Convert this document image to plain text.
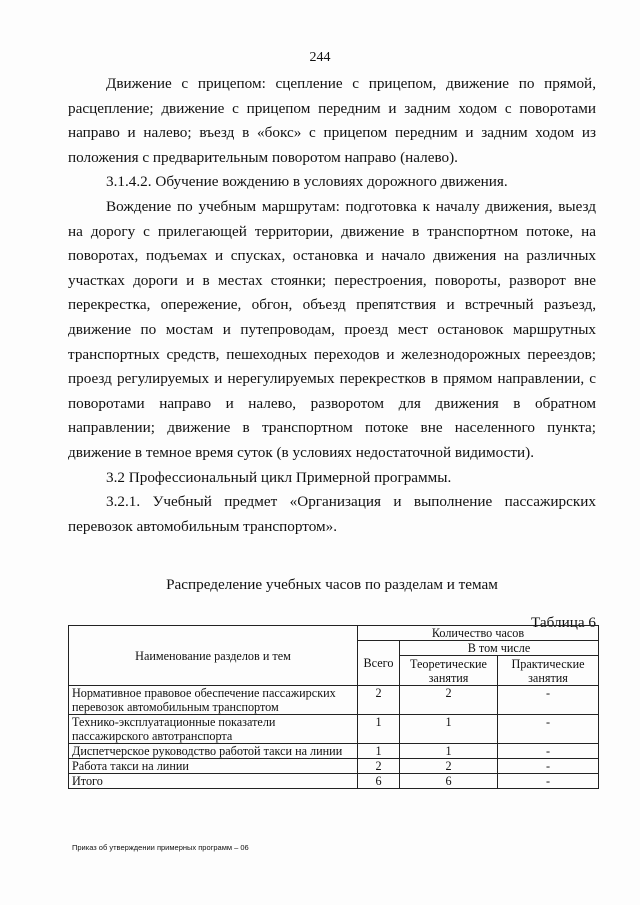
244

Движение с прицепом: сцепление с прицепом, движение по прямой, расцепление; движение с прицепом передним и задним ходом с поворотами направо и налево; въезд в «бокс» с прицепом передним и задним ходом из положения с предварительным поворотом направо (налево).

3.1.4.2. Обучение вождению в условиях дорожного движения.

Вождение по учебным маршрутам: подготовка к началу движения, выезд на дорогу с прилегающей территории, движение в транспортном потоке, на поворотах, подъемах и спусках, остановка и начало движения на различных участках дороги и в местах стоянки; перестроения, повороты, разворот вне перекрестка, опережение, обгон, объезд препятствия и встречный разъезд, движение по мостам и путепроводам, проезд мест остановок маршрутных транспортных средств, пешеходных переходов и железнодорожных переездов; проезд регулируемых и нерегулируемых перекрестков в прямом направлении, с поворотами направо и налево, разворотом для движения в обратном направлении; движение в транспортном потоке вне населенного пункта; движение в темное время суток (в условиях недостаточной видимости).

3.2 Профессиональный цикл Примерной программы.

3.2.1. Учебный предмет «Организация и выполнение пассажирских перевозок автомобильным транспортом».

Распределение учебных часов по разделам и темам
Таблица 6
Наименование разделов и тем	Количество часов		
	Всего	В том числе	
		Теоретические занятия	Практические занятия
Нормативное правовое обеспечение пассажирских перевозок автомобильным транспортом	2	2	-
Технико-эксплуатационные показатели пассажирского автотранспорта	1	1	-
Диспетчерское руководство работой такси на линии	1	1	-
Работа такси на линии	2	2	-
Итого	6	6	-
Приказ об утверждении примерных программ – 06
